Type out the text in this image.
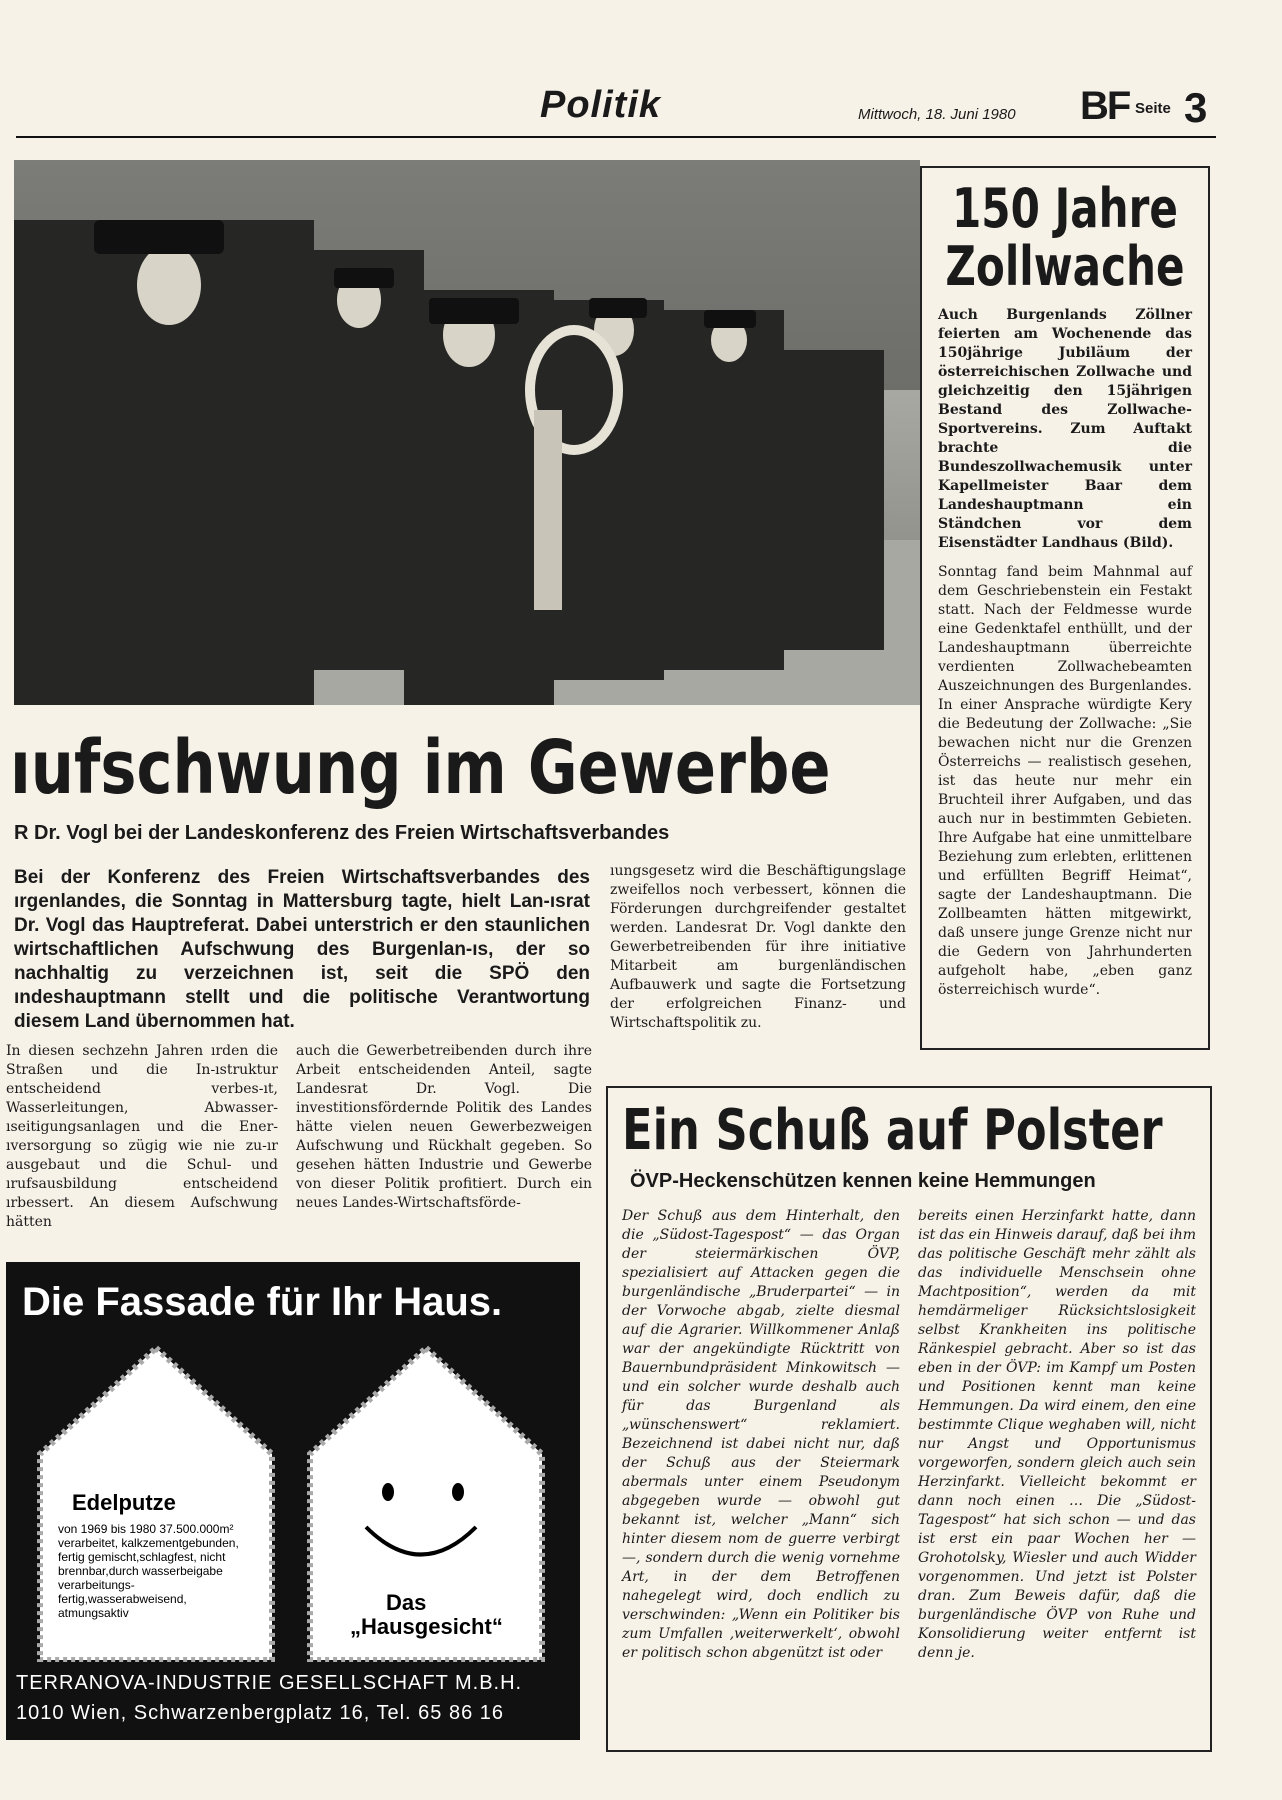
Politik	Mittwoch, 18. Juni 1980 BF Seite 3
150 Jahre
Zollwache
Auch Burgenlands Zöllner feierten am Wochenende das 150jährige Jubiläum der österreichischen Zollwache und gleichzeitig den 15jährigen Bestand des Zollwache-Sportvereins. Zum Auftakt brachte die Bundeszollwachemusik unter Kapellmeister Baar dem Landeshauptmann ein Ständchen vor dem Eisenstädter Landhaus (Bild).
Sonntag fand beim Mahnmal auf dem Geschriebenstein ein Festakt statt. Nach der Feldmesse wurde eine Gedenktafel enthüllt, und der Landeshauptmann überreichte verdienten Zollwachebeamten Auszeichnungen des Burgenlandes. In einer Ansprache würdigte Kery die Bedeutung der Zollwache: „Sie bewachen nicht nur die Grenzen Österreichs — realistisch gesehen, ist das heute nur mehr ein Bruchteil ihrer Aufgaben, und das auch nur in bestimmten Gebieten. Ihre Aufgabe hat eine unmittelbare Beziehung zum erlebten, erlittenen und erfüllten Begriff Heimat“, sagte der Landeshauptmann. Die Zollbeamten hätten mitgewirkt, daß unsere junge Grenze nicht nur die Gedern von Jahrhunderten aufgeholt habe, „eben ganz österreichisch wurde“.
ıufschwung im Gewerbe
R Dr. Vogl bei der Landeskonferenz des Freien Wirtschaftsverbandes
Bei der Konferenz des Freien Wirtschaftsverbandes des ırgenlandes, die Sonntag in Mattersburg tagte, hielt Lan-ısrat Dr. Vogl das Hauptreferat. Dabei unterstrich er den staunlichen wirtschaftlichen Aufschwung des Burgenlan-ıs, der so nachhaltig zu verzeichnen ist, seit die SPÖ den ındeshauptmann stellt und die politische Verantwortung diesem Land übernommen hat.
In diesen sechzehn Jahren ırden die Straßen und die In-ıstruktur entscheidend verbes-ıt, Wasserleitungen, Abwasser-ıseitigungsanlagen und die Ener-ıversorgung so zügig wie nie zu-ır ausgebaut und die Schul- und ırufsausbildung entscheidend ırbessert. An diesem Aufschwung hätten
auch die Gewerbetreibenden durch ihre Arbeit entscheidenden Anteil, sagte Landesrat Dr. Vogl. Die investitionsfördernde Politik des Landes hätte vielen neuen Gewerbezweigen Aufschwung und Rückhalt gegeben. So gesehen hätten Industrie und Gewerbe von dieser Politik profitiert. Durch ein neues Landes-Wirtschaftsförde-
ıungsgesetz wird die Beschäftigungslage zweifellos noch verbessert, können die Förderungen durchgreifender gestaltet werden. Landesrat Dr. Vogl dankte den Gewerbetreibenden für ihre initiative Mitarbeit am burgenländischen Aufbauwerk und sagte die Fortsetzung der erfolgreichen Finanz- und Wirtschaftspolitik zu.
Die Fassade für Ihr Haus.
Edelputze
von 1969 bis 1980 37.500.000m² verarbeitet, kalkzementgebunden, fertig gemischt,schlagfest, nicht brennbar,durch wasserbeigabe verarbeitungs-fertig,wasserabweisend, atmungsaktiv	Das
„Hausgesicht“
TERRANOVA-INDUSTRIE GESELLSCHAFT M.B.H.
1010 Wien, Schwarzenbergplatz 16, Tel. 65 86 16
Ein Schuß auf Polster
ÖVP-Heckenschützen kennen keine Hemmungen
Der Schuß aus dem Hinterhalt, den die „Südost-Tagespost“ — das Organ der steiermärkischen ÖVP, spezialisiert auf Attacken gegen die burgenländische „Bruderpartei“ — in der Vorwoche abgab, zielte diesmal auf die Agrarier. Willkommener Anlaß war der angekündigte Rücktritt von Bauernbundpräsident Minkowitsch — und ein solcher wurde deshalb auch für das Burgenland als „wünschenswert“ reklamiert. Bezeichnend ist dabei nicht nur, daß der Schuß aus der Steiermark abermals unter einem Pseudonym abgegeben wurde — obwohl gut bekannt ist, welcher „Mann“ sich hinter diesem nom de guerre verbirgt —, sondern durch die wenig vornehme Art, in der dem Betroffenen nahegelegt wird, doch endlich zu verschwinden: „Wenn ein Politiker bis zum Umfallen ‚weiterwerkelt‘, obwohl er politisch schon abgenützt ist oder
bereits einen Herzinfarkt hatte, dann ist das ein Hinweis darauf, daß bei ihm das politische Geschäft mehr zählt als das individuelle Menschsein ohne Machtposition“, werden da mit hemdärmeliger Rücksichtslosigkeit selbst Krankheiten ins politische Ränkespiel gebracht. Aber so ist das eben in der ÖVP: im Kampf um Posten und Positionen kennt man keine Hemmungen. Da wird einem, den eine bestimmte Clique weghaben will, nicht nur Angst und Opportunismus vorgeworfen, sondern gleich auch sein Herzinfarkt. Vielleicht bekommt er dann noch einen … Die „Südost-Tagespost“ hat sich schon — und das ist erst ein paar Wochen her — Grohotolsky, Wiesler und auch Widder vorgenommen. Und jetzt ist Polster dran. Zum Beweis dafür, daß die burgenländische ÖVP von Ruhe und Konsolidierung weiter entfernt ist denn je.
